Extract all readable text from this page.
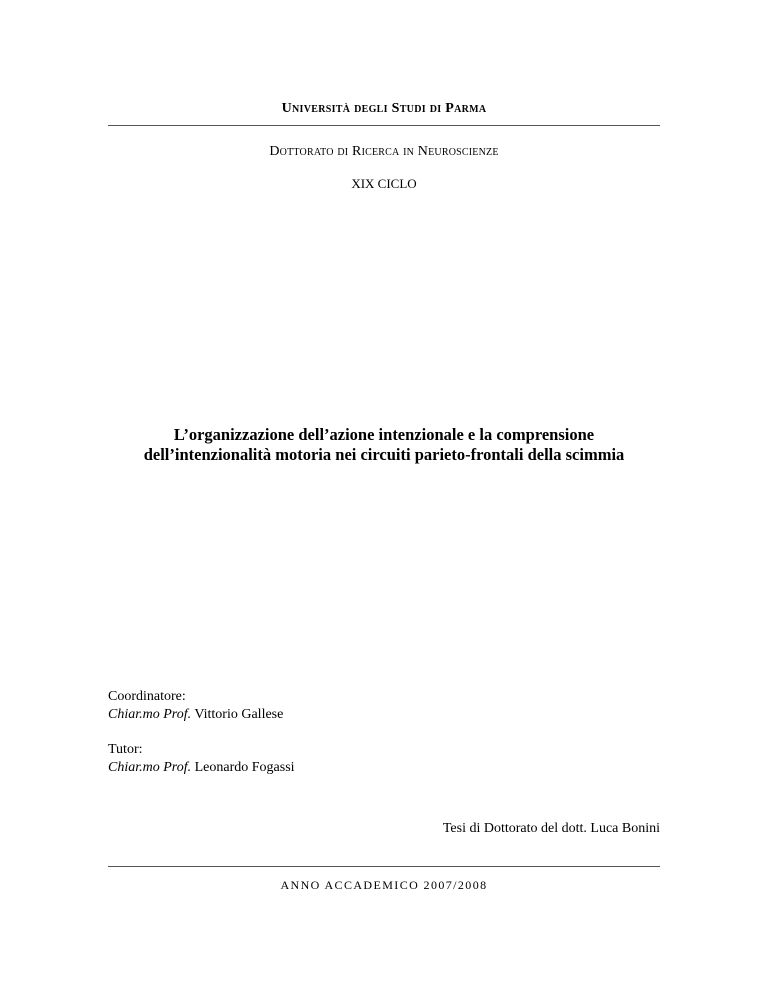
Università degli Studi di Parma
Dottorato di Ricerca in Neuroscienze
XIX CICLO
L’organizzazione dell’azione intenzionale e la comprensione
dell’intenzionalità motoria nei circuiti parieto-frontali della scimmia
Coordinatore:
Chiar.mo Prof. Vittorio Gallese
Tutor:
Chiar.mo Prof. Leonardo Fogassi
Tesi di Dottorato del dott. Luca Bonini
ANNO ACCADEMICO 2007/2008
